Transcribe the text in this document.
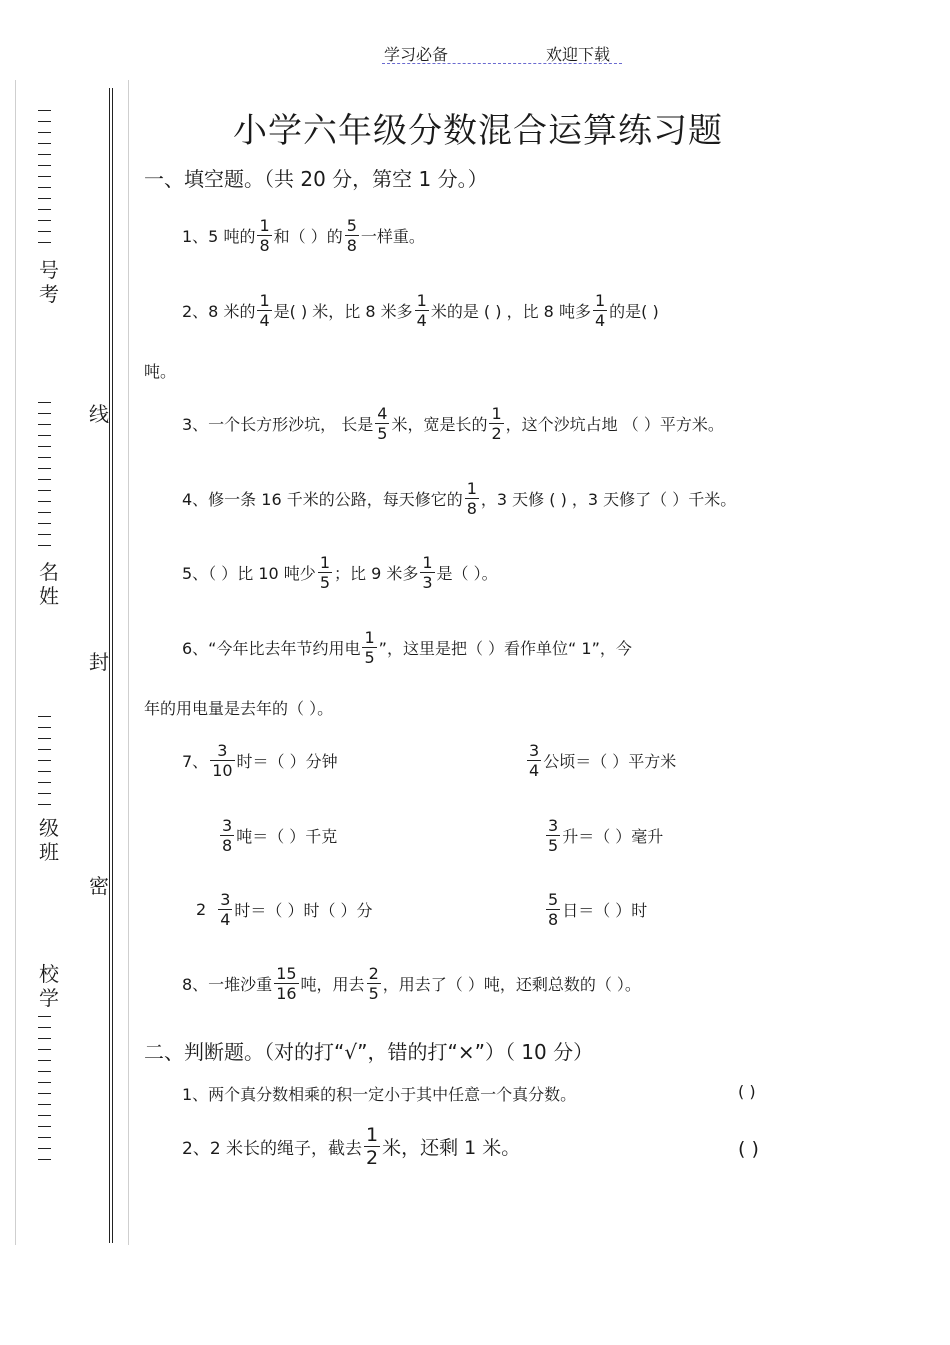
学习必备	欢迎下载
号考
名姓
级班
校学
线
封
密
小学六年级分数混合运算练习题
一、填空题。（共 20 分，第空 1 分。）
1、5 吨的 $\frac{1}{8}$ 和（ ）的 $\frac{5}{8}$ 一样重。
2、8 米的 $\frac{1}{4}$ 是( ) 米，比 8 米多 $\frac{1}{4}$ 米的是 ( ) ，比 8 吨多 $\frac{1}{4}$ 的是( )
吨。
3、一个长方形沙坑， 长是 $\frac{4}{5}$ 米，宽是长的 $\frac{1}{2}$ ，这个沙坑占地 （ ）平方米。
4、修一条 16 千米的公路，每天修它的 $\frac{1}{8}$ ，3 天修 ( ) ，3 天修了（ ）千米。
5、（ ）比 10 吨少 $\frac{1}{5}$ ；比 9 米多 $\frac{1}{3}$ 是（ ）。
6、“今年比去年节约用电 $\frac{1}{5}$ ”，这里是把（ ）看作单位“ 1”，今
年的用电量是去年的（ ）。
7、 $\frac{3}{10}$ 时＝（ ）分钟	$\frac{3}{4}$ 公顷＝（ ）平方米
$\frac{3}{8}$ 吨＝（ ）千克	$\frac{3}{5}$ 升＝（ ）毫升
$2 \frac{3}{4}$ 时＝（ ）时（ ）分	$\frac{5}{8}$ 日＝（ ）时
8、一堆沙重 $\frac{15}{16}$ 吨，用去 $\frac{2}{5}$ ，用去了（ ）吨，还剩总数的（ ）。
二、判断题。（对的打“√”，错的打“×”）（ 10 分）
1、两个真分数相乘的积一定小于其中任意一个真分数。	( )
2、2 米长的绳子，截去 $\frac{1}{2}$ 米，还剩 1 米。	( )
